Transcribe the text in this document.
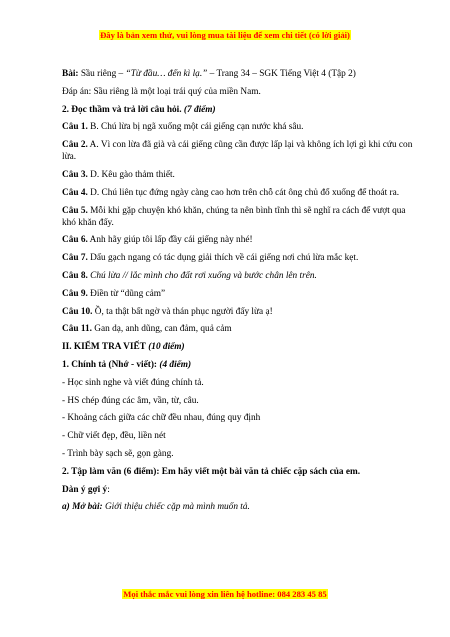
Đây là bản xem thử, vui lòng mua tài liệu để xem chi tiết (có lời giải)

Bài: Sầu riêng – “Từ đầu… đến kì lạ.” – Trang 34 – SGK Tiếng Việt 4 (Tập 2)

Đáp án: Sầu riêng là một loại trái quý của miền Nam.

2. Đọc thầm và trả lời câu hỏi. (7 điểm)

Câu 1. B. Chú lừa bị ngã xuống một cái giếng cạn nước khá sâu.

Câu 2. A. Vì con lừa đã già và cái giếng cũng cần được lấp lại và không ích lợi gì khi cứu con lừa.

Câu 3. D. Kêu gào thảm thiết.

Câu 4. D. Chú liên tục đứng ngày càng cao hơn trên chỗ cát ông chủ đổ xuống để thoát ra.

Câu 5. Mỗi khi gặp chuyện khó khăn, chúng ta nên bình tĩnh thì sẽ nghĩ ra cách để vượt qua khó khăn đấy.

Câu 6. Anh hãy giúp tôi lấp đầy cái giếng này nhé!

Câu 7. Dấu gạch ngang có tác dụng giải thích về cái giếng nơi chú lừa mắc kẹt.

Câu 8. Chú lừa // lắc mình cho đất rơi xuống và bước chân lên trên.

Câu 9. Điền từ “dũng cảm”

Câu 10. Ồ, ta thật bất ngờ và thán phục người đấy lừa ạ!

Câu 11. Gan dạ, anh dũng, can đảm, quả cảm

II. KIỂM TRA VIẾT (10 điểm)

1. Chính tả (Nhớ - viết): (4 điểm)

- Học sinh nghe và viết đúng chính tả.

- HS chép đúng các âm, vần, từ, câu.

- Khoảng cách giữa các chữ đều nhau, đúng quy định

- Chữ viết đẹp, đều, liền nét

- Trình bày sạch sẽ, gọn gàng.

2. Tập làm văn (6 điểm): Em hãy viết một bài văn tả chiếc cặp sách của em.

Dàn ý gợi ý:

a) Mở bài: Giới thiệu chiếc cặp mà mình muốn tả.

Mọi thắc mắc vui lòng xin liên hệ hotline: 084 283 45 85
